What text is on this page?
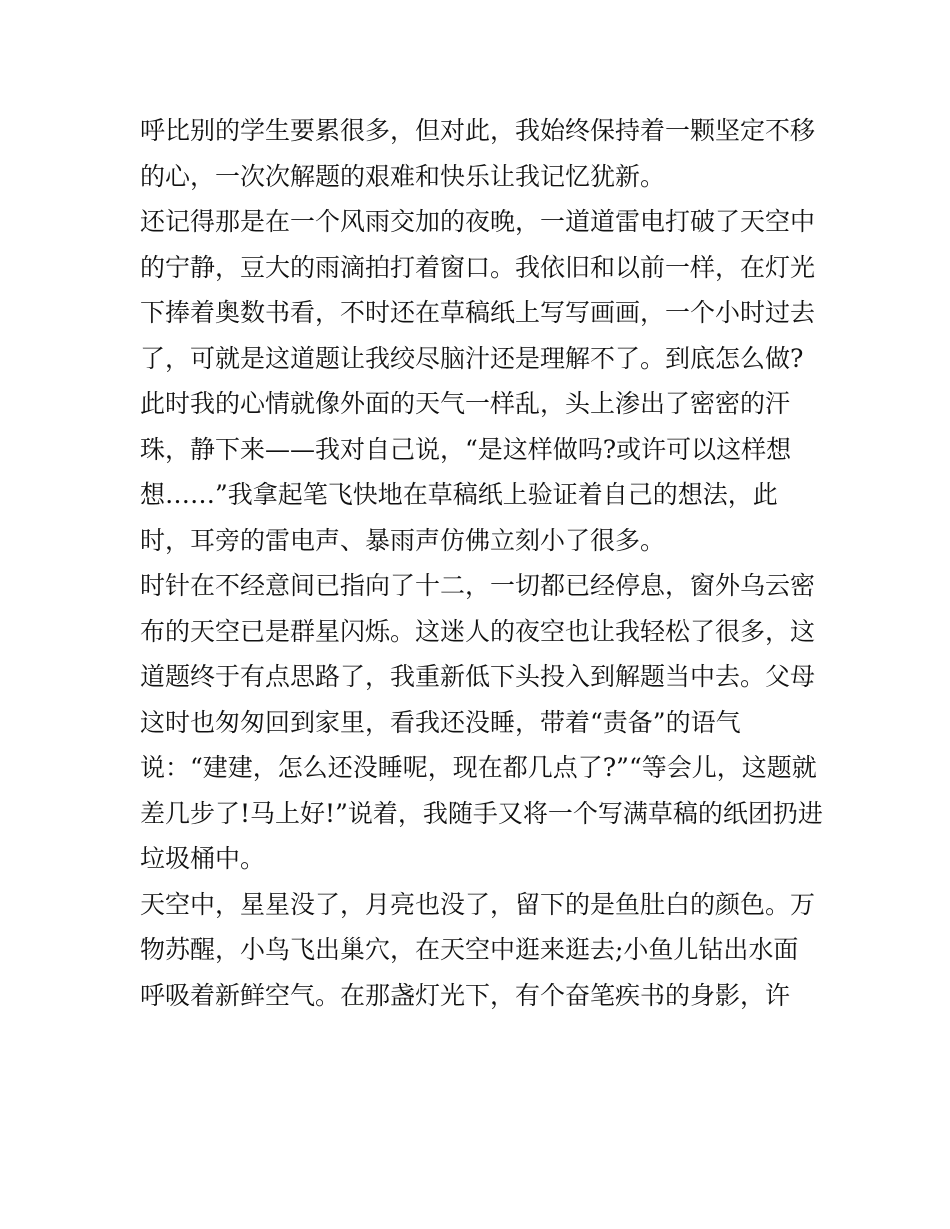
呼比别的学生要累很多，但对此，我始终保持着一颗坚定不移
的心，一次次解题的艰难和快乐让我记忆犹新。
还记得那是在一个风雨交加的夜晚，一道道雷电打破了天空中
的宁静，豆大的雨滴拍打着窗口。我依旧和以前一样，在灯光
下捧着奥数书看，不时还在草稿纸上写写画画，一个小时过去
了，可就是这道题让我绞尽脑汁还是理解不了。到底怎么做?
此时我的心情就像外面的天气一样乱，头上渗出了密密的汗
珠，静下来——我对自己说，“是这样做吗?或许可以这样想
想……”我拿起笔飞快地在草稿纸上验证着自己的想法，此
时，耳旁的雷电声、暴雨声仿佛立刻小了很多。
时针在不经意间已指向了十二，一切都已经停息，窗外乌云密
布的天空已是群星闪烁。这迷人的夜空也让我轻松了很多，这
道题终于有点思路了，我重新低下头投入到解题当中去。父母
这时也匆匆回到家里，看我还没睡，带着“责备”的语气
说：“建建，怎么还没睡呢，现在都几点了?”“等会儿，这题就
差几步了!马上好!”说着，我随手又将一个写满草稿的纸团扔进
垃圾桶中。
天空中，星星没了，月亮也没了，留下的是鱼肚白的颜色。万
物苏醒，小鸟飞出巢穴，在天空中逛来逛去;小鱼儿钻出水面
呼吸着新鲜空气。在那盏灯光下，有个奋笔疾书的身影，许
